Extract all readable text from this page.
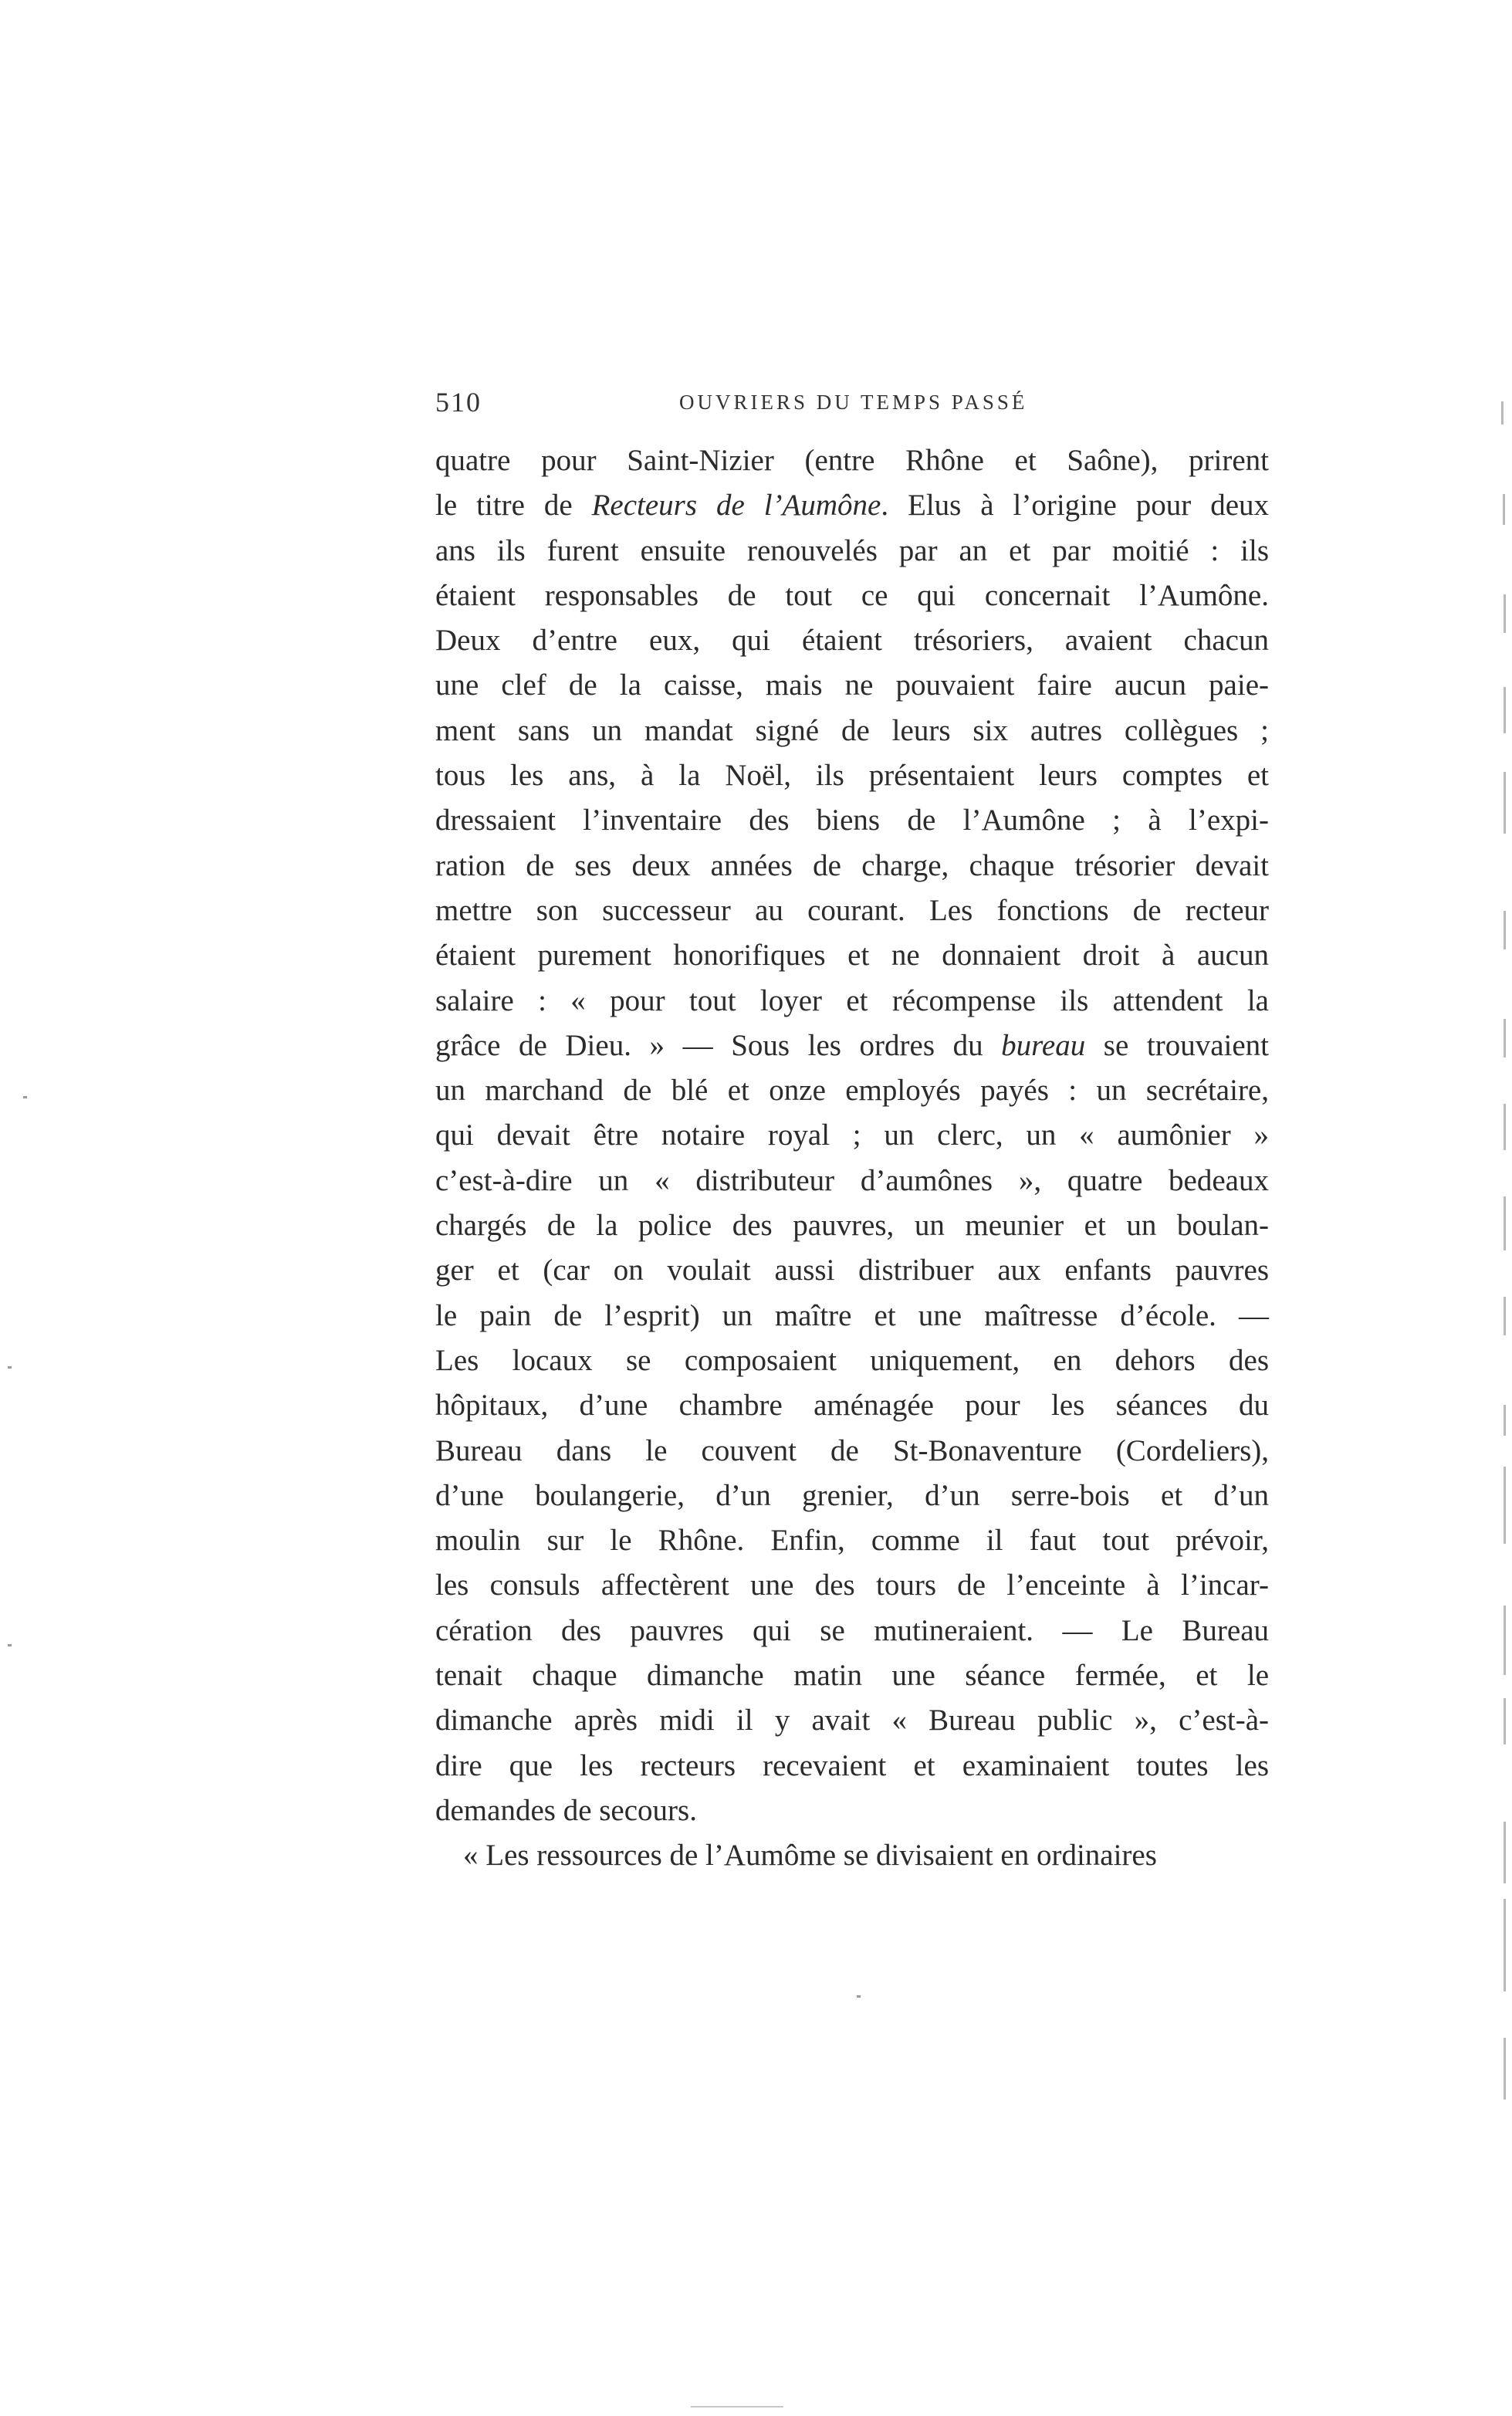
510	OUVRIERS DU TEMPS PASSÉ
quatre pour Saint-Nizier (entre Rhône et Saône), prirent
le titre de Recteurs de l’Aumône. Elus à l’origine pour deux
ans ils furent ensuite renouvelés par an et par moitié : ils
étaient responsables de tout ce qui concernait l’Aumône.
Deux d’entre eux, qui étaient trésoriers, avaient chacun
une clef de la caisse, mais ne pouvaient faire aucun paie-
ment sans un mandat signé de leurs six autres collègues ;
tous les ans, à la Noël, ils présentaient leurs comptes et
dressaient l’inventaire des biens de l’Aumône ; à l’expi-
ration de ses deux années de charge, chaque trésorier devait
mettre son successeur au courant. Les fonctions de recteur
étaient purement honorifiques et ne donnaient droit à aucun
salaire : « pour tout loyer et récompense ils attendent la
grâce de Dieu. » — Sous les ordres du bureau se trouvaient
un marchand de blé et onze employés payés : un secrétaire,
qui devait être notaire royal ; un clerc, un « aumônier »
c’est-à-dire un « distributeur d’aumônes », quatre bedeaux
chargés de la police des pauvres, un meunier et un boulan-
ger et (car on voulait aussi distribuer aux enfants pauvres
le pain de l’esprit) un maître et une maîtresse d’école. —
Les locaux se composaient uniquement, en dehors des
hôpitaux, d’une chambre aménagée pour les séances du
Bureau dans le couvent de St-Bonaventure (Cordeliers),
d’une boulangerie, d’un grenier, d’un serre-bois et d’un
moulin sur le Rhône. Enfin, comme il faut tout prévoir,
les consuls affectèrent une des tours de l’enceinte à l’incar-
cération des pauvres qui se mutineraient. — Le Bureau
tenait chaque dimanche matin une séance fermée, et le
dimanche après midi il y avait « Bureau public », c’est-à-
dire que les recteurs recevaient et examinaient toutes les
demandes de secours.
« Les ressources de l’Aumôme se divisaient en ordinaires
